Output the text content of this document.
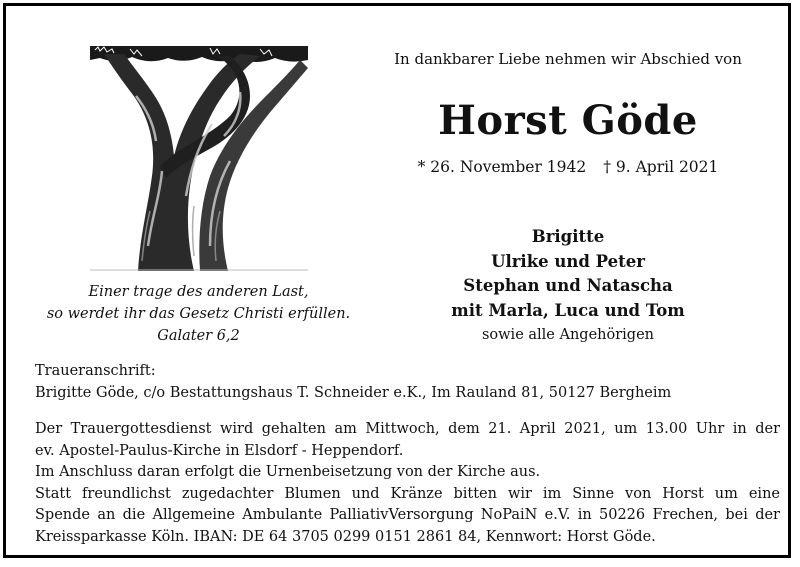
Einer trage des anderen Last,
so werdet ihr das Gesetz Christi erfüllen.
Galater 6,2
In dankbarer Liebe nehmen wir Abschied von
Horst Göde
* 26. November 1942 † 9. April 2021
Brigitte
Ulrike und Peter
Stephan und Natascha
mit Marla, Luca und Tom
sowie alle Angehörigen
Traueranschrift:
Brigitte Göde, c/o Bestattungshaus T. Schneider e.K., Im Rauland 81, 50127 Bergheim
Der Trauergottesdienst wird gehalten am Mittwoch, dem 21. April 2021, um 13.00 Uhr in der
ev. Apostel-Paulus-Kirche in Elsdorf - Heppendorf.
Im Anschluss daran erfolgt die Urnenbeisetzung von der Kirche aus.
Statt freundlichst zugedachter Blumen und Kränze bitten wir im Sinne von Horst um eine
Spende an die Allgemeine Ambulante PalliativVersorgung NoPaiN e.V. in 50226 Frechen, bei der
Kreissparkasse Köln. IBAN: DE 64 3705 0299 0151 2861 84, Kennwort: Horst Göde.
